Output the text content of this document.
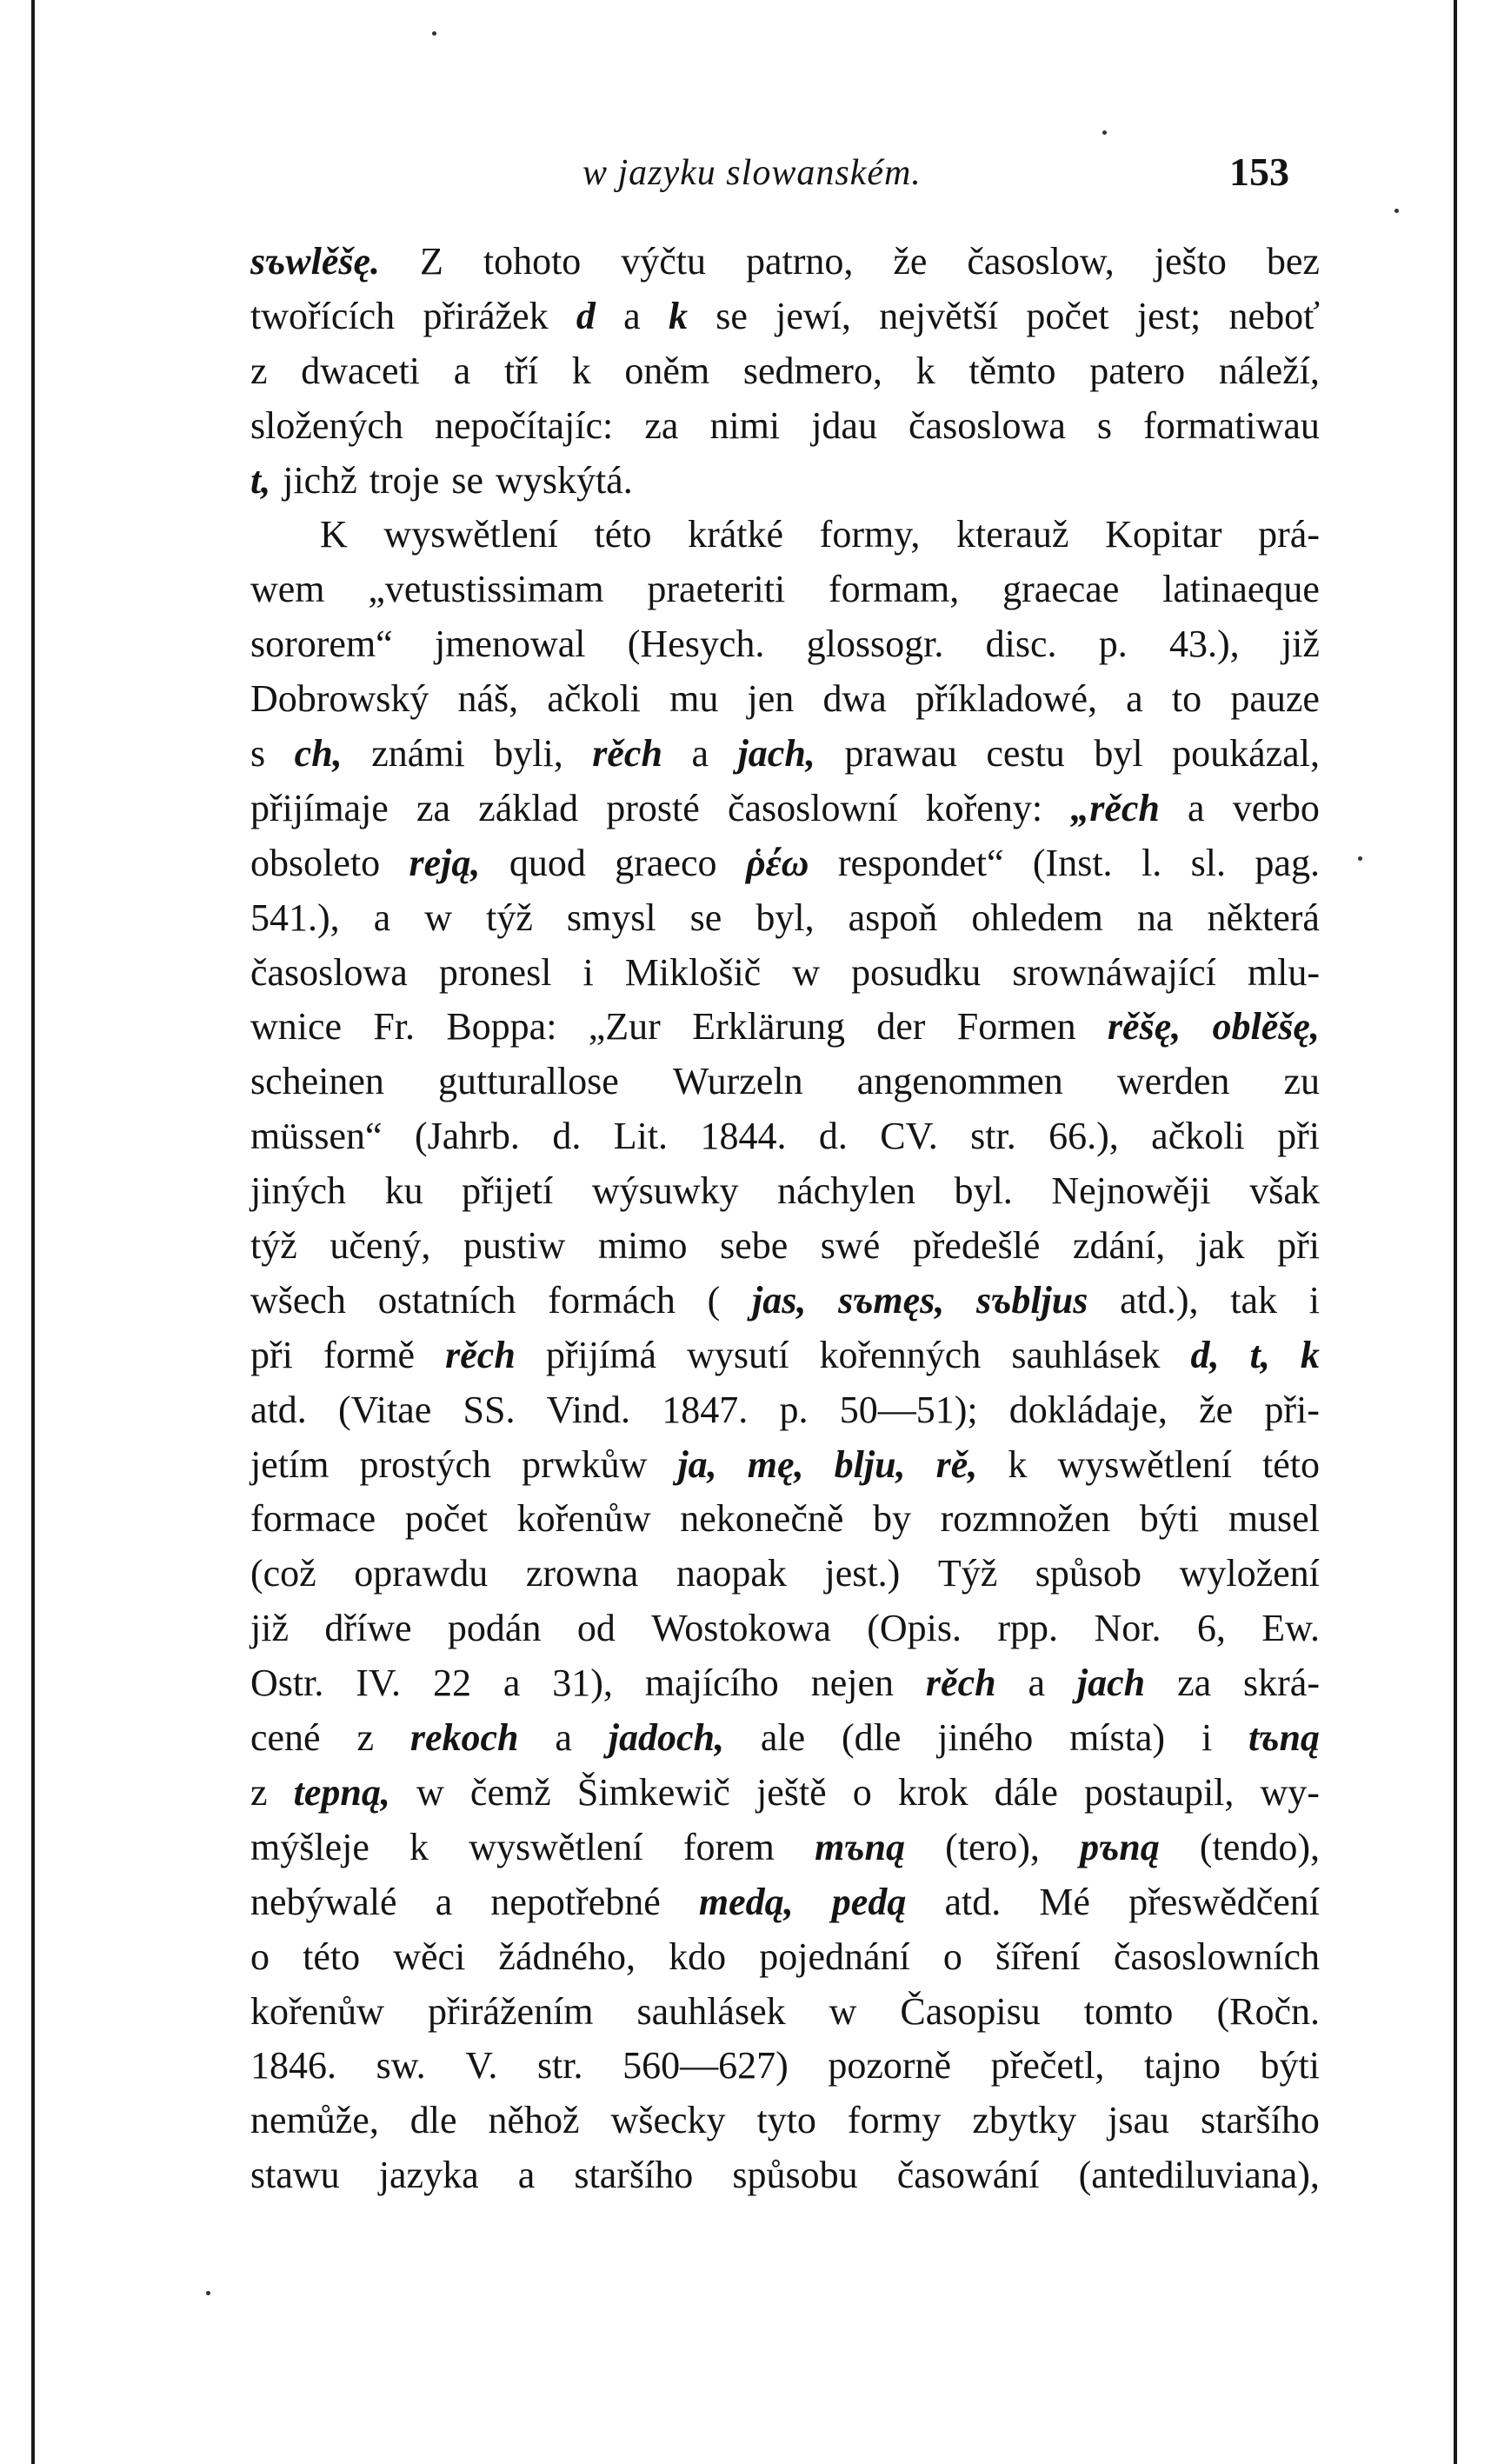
w jazyku slowanském.	153
sъwlěšę. Z tohoto výčtu patrno, že časoslow, ješto bez
twořících přirážek d a k se jewí, největší počet jest; neboť
z dwaceti a tří k oněm sedmero, k těmto patero náleží,
složených nepočítajíc: za nimi jdau časoslowa s formatiwau
t, jichž troje se wyskýtá.
K wyswětlení této krátké formy, kterauž Kopitar prá-
wem „vetustissimam praeteriti formam, graecae latinaeque
sororem“ jmenowal (Hesych. glossogr. disc. p. 43.), již
Dobrowský náš, ačkoli mu jen dwa příkladowé, a to pauze
s ch, známi byli, rěch a jach, prawau cestu byl poukázal,
přijímaje za základ prosté časoslowní kořeny: „rěch a verbo
obsoleto reją, quod graeco ῥέω respondet“ (Inst. l. sl. pag.
541.), a w týž smysl se byl, aspoň ohledem na některá
časoslowa pronesl i Miklošič w posudku srownáwající mlu-
wnice Fr. Boppa: „Zur Erklärung der Formen rěšę, oblěšę,
scheinen gutturallose Wurzeln angenommen werden zu
müssen“ (Jahrb. d. Lit. 1844. d. CV. str. 66.), ačkoli při
jiných ku přijetí wýsuwky náchylen byl. Nejnowěji však
týž učený, pustiw mimo sebe swé předešlé zdání, jak při
wšech ostatních formách ( jas, sъmęs, sъbljus atd.), tak i
při formě rěch přijímá wysutí kořenných sauhlásek d, t, k
atd. (Vitae SS. Vind. 1847. p. 50—51); dokládaje, že při-
jetím prostých prwkůw ja, mę, blju, rě, k wyswětlení této
formace počet kořenůw nekonečně by rozmnožen býti musel
(což oprawdu zrowna naopak jest.) Týž spůsob wyložení
již dříwe podán od Wostokowa (Opis. rpp. Nor. 6, Ew.
Ostr. IV. 22 a 31), majícího nejen rěch a jach za skrá-
cené z rekoch a jadoch, ale (dle jiného místa) i tъną
z tepną, w čemž Šimkewič ještě o krok dále postaupil, wy-
mýšleje k wyswětlení forem mъną (tero), pъną (tendo),
nebýwalé a nepotřebné medą, pedą atd. Mé přeswědčení
o této wěci žádného, kdo pojednání o šíření časoslowních
kořenůw přirážením sauhlásek w Časopisu tomto (Ročn.
1846. sw. V. str. 560—627) pozorně přečetl, tajno býti
nemůže, dle něhož wšecky tyto formy zbytky jsau staršího
stawu jazyka a staršího spůsobu časowání (antediluviana),
